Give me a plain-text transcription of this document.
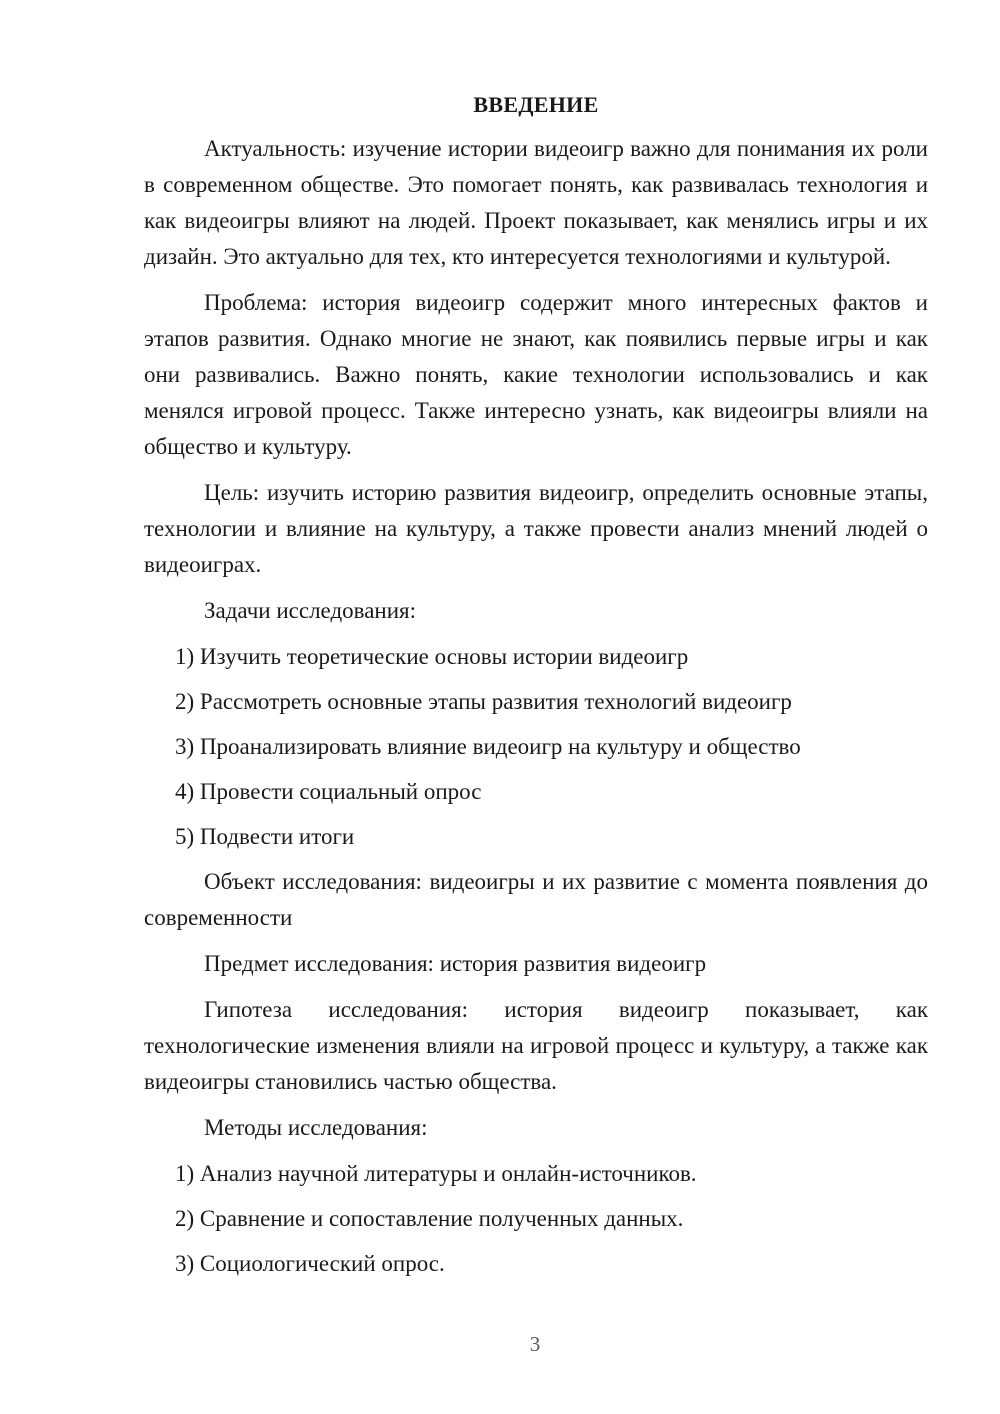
ВВЕДЕНИЕ

Актуальность: изучение истории видеоигр важно для понимания их роли в современном обществе. Это помогает понять, как развивалась технология и как видеоигры влияют на людей. Проект показывает, как менялись игры и их дизайн. Это актуально для тех, кто интересуется технологиями и культурой.

Проблема: история видеоигр содержит много интересных фактов и этапов развития. Однако многие не знают, как появились первые игры и как они развивались. Важно понять, какие технологии использовались и как менялся игровой процесс. Также интересно узнать, как видеоигры влияли на общество и культуру.

Цель: изучить историю развития видеоигр, определить основные этапы, технологии и влияние на культуру, а также провести анализ мнений людей о видеоиграх.

Задачи исследования:
1) Изучить теоретические основы истории видеоигр
2) Рассмотреть основные этапы развития технологий видеоигр
3) Проанализировать влияние видеоигр на культуру и общество
4) Провести социальный опрос
5) Подвести итоги

Объект исследования: видеоигры и их развитие с момента появления до современности

Предмет исследования: история развития видеоигр

Гипотеза исследования: история видеоигр показывает, как технологические изменения влияли на игровой процесс и культуру, а также как видеоигры становились частью общества.

Методы исследования:
1) Анализ научной литературы и онлайн-источников.
2) Сравнение и сопоставление полученных данных.
3) Социологический опрос.
3
